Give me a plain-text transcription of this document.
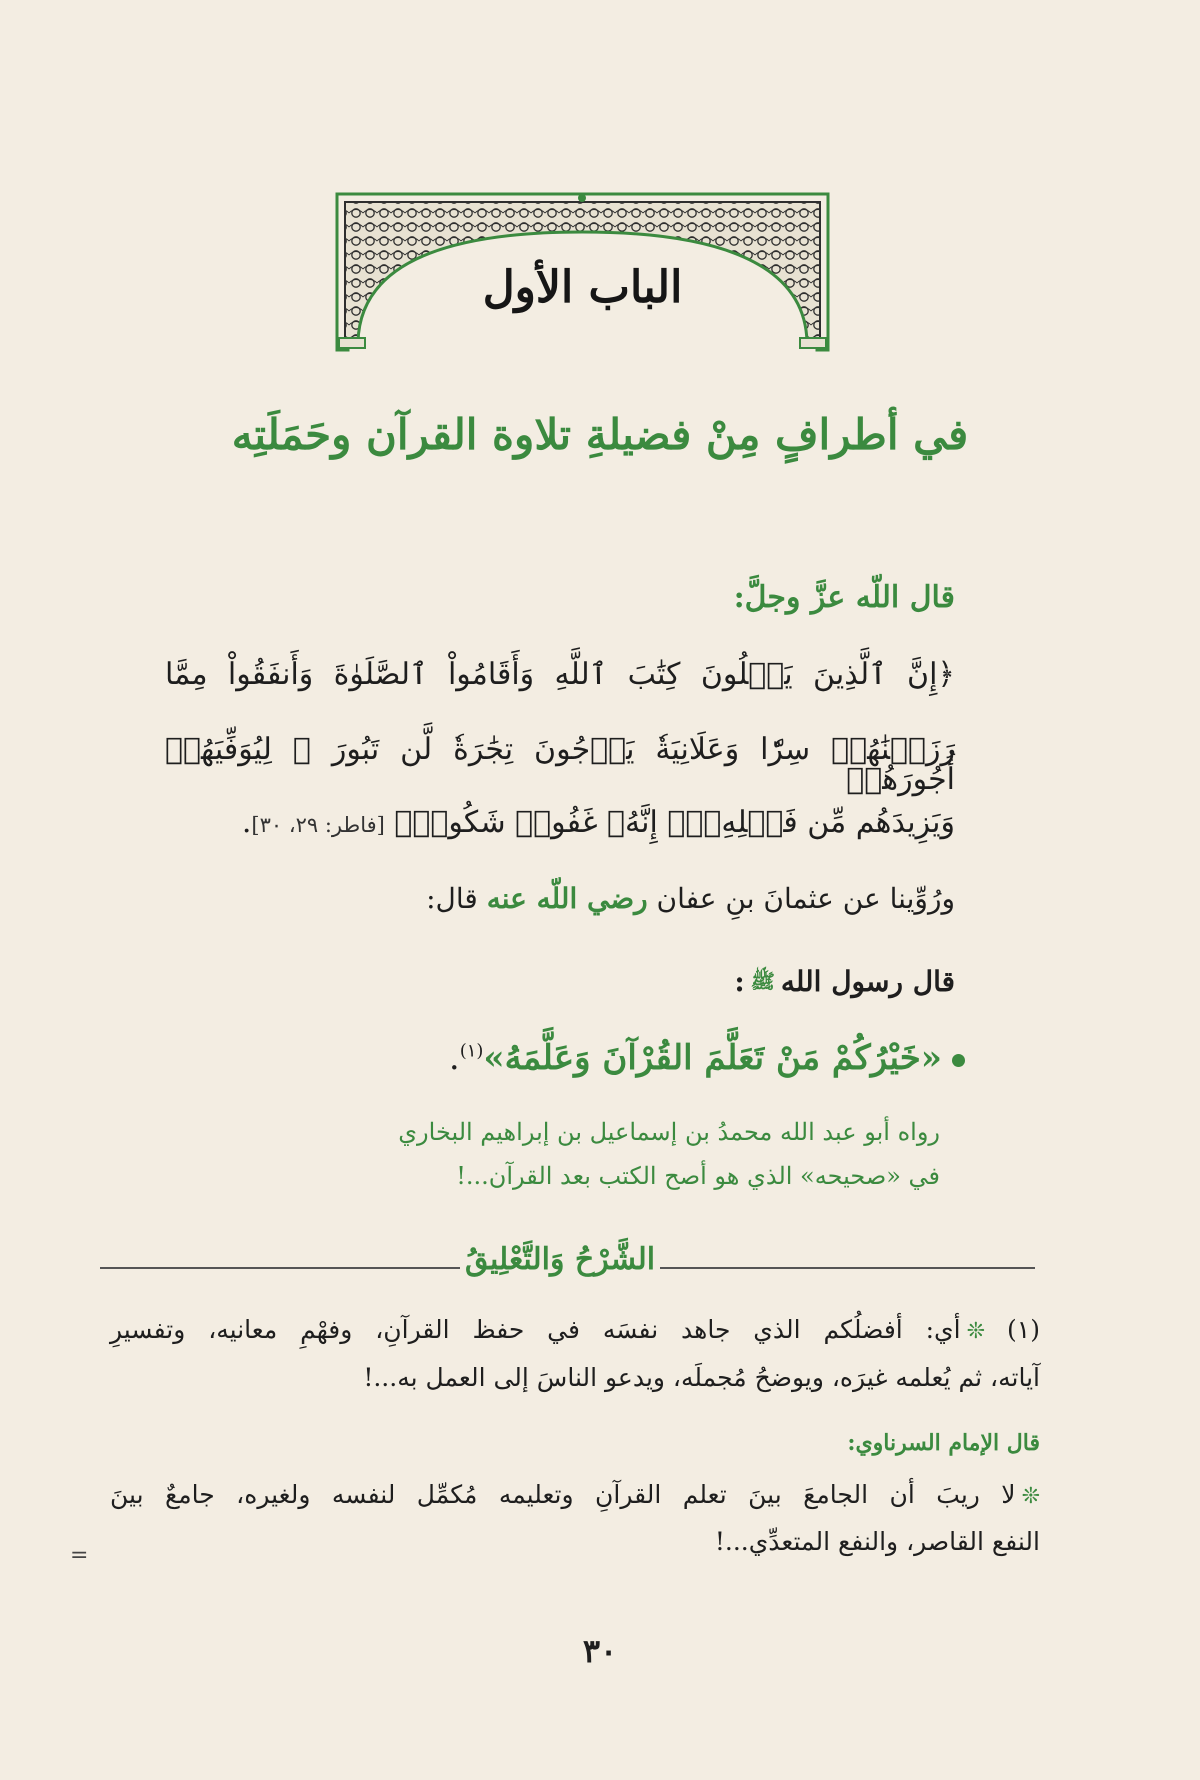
الباب الأول
في أطرافٍ مِنْ فضيلةِ تلاوة القرآن وحَمَلَتِه
قال اللّه عزَّ وجلَّ:
﴿إِنَّ ٱلَّذِينَ يَتۡلُونَ كِتَٰبَ ٱللَّهِ وَأَقَامُواْ ٱلصَّلَوٰةَ وَأَنفَقُواْ مِمَّا
رَزَقۡنَٰهُمۡ سِرّٗا وَعَلَانِيَةٗ يَرۡجُونَ تِجَٰرَةٗ لَّن تَبُورَ ۞ لِيُوَفِّيَهُمۡ أُجُورَهُمۡ
وَيَزِيدَهُم مِّن فَضۡلِهِۦٓۚ إِنَّهُۥ غَفُورٞ شَكُورٞ﴾ [فاطر: ٢٩، ٣٠].
ورُوِّينا عن عثمانَ بنِ عفان رضي اللّه عنه قال:
قال رسول اللهﷺ:
«خَيْرُكُمْ مَنْ تَعَلَّمَ القُرْآنَ وَعَلَّمَهُ»$^{(١)}$.
رواه أبو عبد الله محمدُ بن إسماعيل بن إبراهيم البخاري
في «صحيحه» الذي هو أصح الكتب بعد القرآن...!
الشَّرْحُ وَالتَّعْلِيقُ
(١)
❊أي: أفضلُكم الذي جاهد نفسَه في حفظ القرآنِ، وفهْمِ معانيه، وتفسيرِ
آياته، ثم يُعلمه غيرَه، ويوضحُ مُجملَه، ويدعو الناسَ إلى العمل به...!
قال الإمام السرناوي:
❊لا ريبَ أن الجامعَ بينَ تعلم القرآنِ وتعليمه مُكمِّل لنفسه ولغيره، جامعٌ بينَ
النفع القاصر، والنفع المتعدِّي...!
٣٠
=
